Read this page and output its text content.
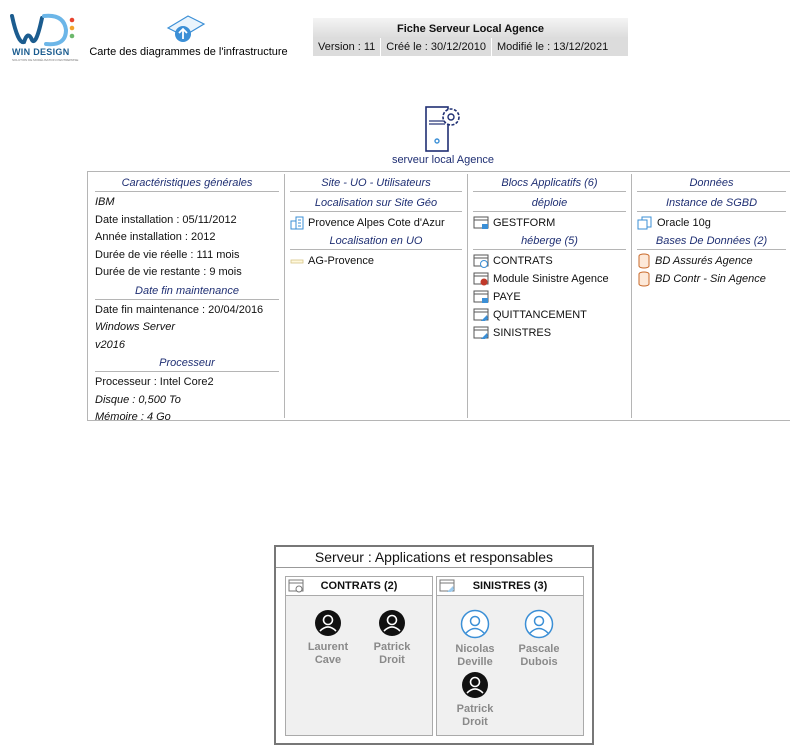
WIN DESIGN
SOLUTION DE MODÉLISATION D'ENTREPRISE
Carte des diagrammes de l'infrastructure
Fiche Serveur Local Agence
Version : 11	Créé le : 30/12/2010	Modifié le : 13/12/2021
serveur local Agence
Caractéristiques générales
IBM
Date installation : 05/11/2012
Année installation : 2012
Durée de vie réelle : 111 mois
Durée de vie restante : 9 mois
Date fin maintenance
Date fin maintenance : 20/04/2016
Windows Server
v2016
Processeur
Processeur : Intel Core2
Disque : 0,500 To
Mémoire : 4 Go
Site - UO - Utilisateurs
Localisation sur Site Géo
Provence Alpes Cote d'Azur
Localisation en UO
AG-Provence
Blocs Applicatifs (6)
déploie
GESTFORM
héberge (5)
CONTRATS
Module Sinistre Agence
PAYE
QUITTANCEMENT
SINISTRES
Données
Instance de SGBD
Oracle 10g
Bases De Données (2)
BD Assurés Agence
BD Contr - Sin Agence
Serveur : Applications et responsables
CONTRATS (2)
Laurent
Cave
Patrick
Droit
SINISTRES (3)
Nicolas
Deville
Pascale
Dubois
Patrick
Droit
